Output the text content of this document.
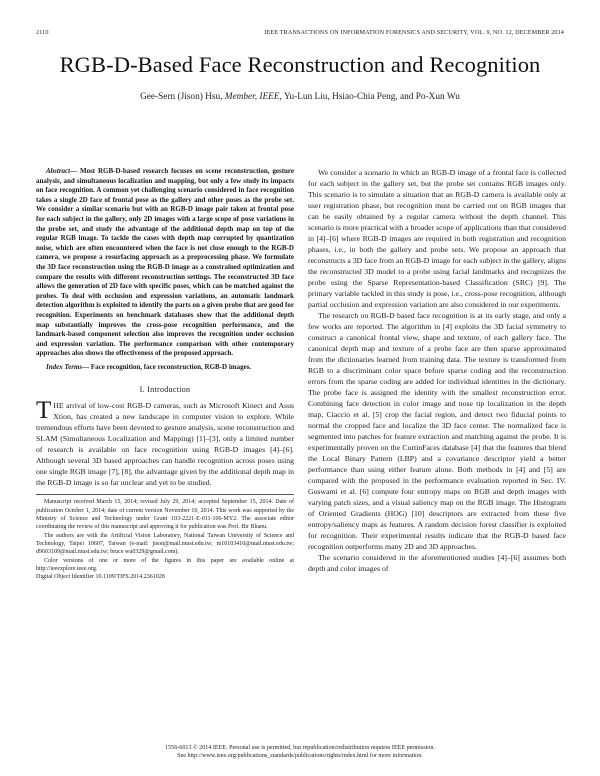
2110	IEEE TRANSACTIONS ON INFORMATION FORENSICS AND SECURITY, VOL. 9, NO. 12, DECEMBER 2014
RGB-D-Based Face Reconstruction and Recognition
Gee-Sern (Jison) Hsu, Member, IEEE, Yu-Lun Liu, Hsiao-Chia Peng, and Po-Xun Wu

Abstract— Most RGB-D-based research focuses on scene reconstruction, gesture analysis, and simultaneous localization and mapping, but only a few study its impacts on face recognition. A common yet challenging scenario considered in face recognition takes a single 2D face of frontal pose as the gallery and other poses as the probe set. We consider a similar scenario but with an RGB-D image pair taken at frontal pose for each subject in the gallery, only 2D images with a large scope of pose variations in the probe set, and study the advantage of the additional depth map on top of the regular RGB image. To tackle the cases with depth map corrupted by quantization noise, which are often encountered when the face is not close enough to the RGB-D camera, we propose a resurfacing approach as a preprocessing phase. We formulate the 3D face reconstruction using the RGB-D image as a constrained optimization and compare the results with different reconstruction settings. The reconstructed 3D face allows the generation of 2D face with specific poses, which can be matched against the probes. To deal with occlusion and expression variations, an automatic landmark detection algorithm is exploited to identify the parts on a given probe that are good for recognition. Experiments on benchmark databases show that the additional depth map substantially improves the cross-pose recognition performance, and the landmark-based component selection also improves the recognition under occlusion and expression variation. The performance comparison with other contemporary approaches also shows the effectiveness of the proposed approach.

Index Terms— Face recognition, face reconstruction, RGB-D images.

I. Introduction

THE arrival of low-cost RGB-D cameras, such as Microsoft Kinect and Asus Xtion, has created a new landscape in computer vision to explore. While tremendous efforts have been devoted to gesture analysis, scene reconstruction and SLAM (Simultaneous Localization and Mapping) [1]–[3], only a limited number of research is available on face recognition using RGB-D images [4]–[6]. Although several 3D based approaches can handle recognition across poses using one single RGB image [7], [8], the advantage given by the additional depth map in the RGB-D image is so far unclear and yet to be studied.

Manuscript received March 15, 2014; revised July 29, 2014; accepted September 15, 2014. Date of publication October 1, 2014; date of current version November 10, 2014. This work was supported by the Ministry of Science and Technology under Grant 103-2221-E-011-106-MY2. The associate editor coordinating the review of this manuscript and approving it for publication was Prof. Bir Bhanu.

The authors are with the Artificial Vision Laboratory, National Taiwan University of Science and Technology, Taipei 10607, Taiwan (e-mail: jison@mail.ntust.edu.tw; m10103410@mail.ntust.edu.tw; d9603109@mail.ntust.edu.tw; bruce wu0329@gmail.com).

Color versions of one or more of the figures in this paper are available online at http://ieeexplore.ieee.org.

Digital Object Identifier 10.1109/TIFS.2014.2361028

We consider a scenario in which an RGB-D image of a frontal face is collected for each subject in the gallery set, but the probe set contains RGB images only. This scenario is to simulate a situation that an RGB-D camera is available only at user registration phase, but recognition must be carried out on RGB images that can be easily obtained by a regular camera without the depth channel. This scenario is more practical with a broader scope of applications than that considered in [4]–[6] where RGB-D images are required in both registration and recognition phases, i.e., in both the gallery and probe sets. We propose an approach that reconstructs a 3D face from an RGB-D image for each subject in the gallery, aligns the reconstructed 3D model to a probe using facial landmarks and recognizes the probe using the Sparse Representation-based Classification (SRC) [9]. The primary variable tackled in this study is pose, i.e., cross-pose recognition, although partial occlusion and expression variation are also considered in our experiments.

The research on RGB-D based face recognition is at its early stage, and only a few works are reported. The algorithm in [4] exploits the 3D facial symmetry to construct a canonical frontal view, shape and texture, of each gallery face. The canonical depth map and texture of a probe face are then sparse approximated from the dictionaries learned from training data. The texture is transformed from RGB to a discriminant color space before sparse coding and the reconstruction errors from the sparse coding are added for individual identities in the dictionary. The probe face is assigned the identity with the smallest reconstruction error. Combining face detection in color image and nose tip localization in the depth map, Ciaccio et al. [5] crop the facial region, and detect two fiducial points to normal the cropped face and localize the 3D face center. The normalized face is segmented into patches for feature extraction and matching against the probe. It is experimentally proven on the CurtinFaces database [4] that the features that blend the Local Binary Pattern (LBP) and a covariance descriptor yield a better performance than using either feature alone. Both methods in [4] and [5] are compared with the proposed in the performance evaluation reported in Sec. IV. Goswami et al. [6] compute four entropy maps on RGB and depth images with varying patch sizes, and a visual saliency map on the RGB image. The Histogram of Oriented Gradients (HOG) [10] descriptors are extracted from these five entropy/saliency maps as features. A random decision forest classifier is exploited for recognition. Their experimental results indicate that the RGB-D based face recognition outperforms many 2D and 3D approaches.

The scenario considered in the aforementioned studies [4]–[6] assumes both depth and color images of

1556-6013 © 2014 IEEE. Personal use is permitted, but republication/redistribution requires IEEE permission.
See http://www.ieee.org/publications_standards/publications/rights/index.html for more information.
